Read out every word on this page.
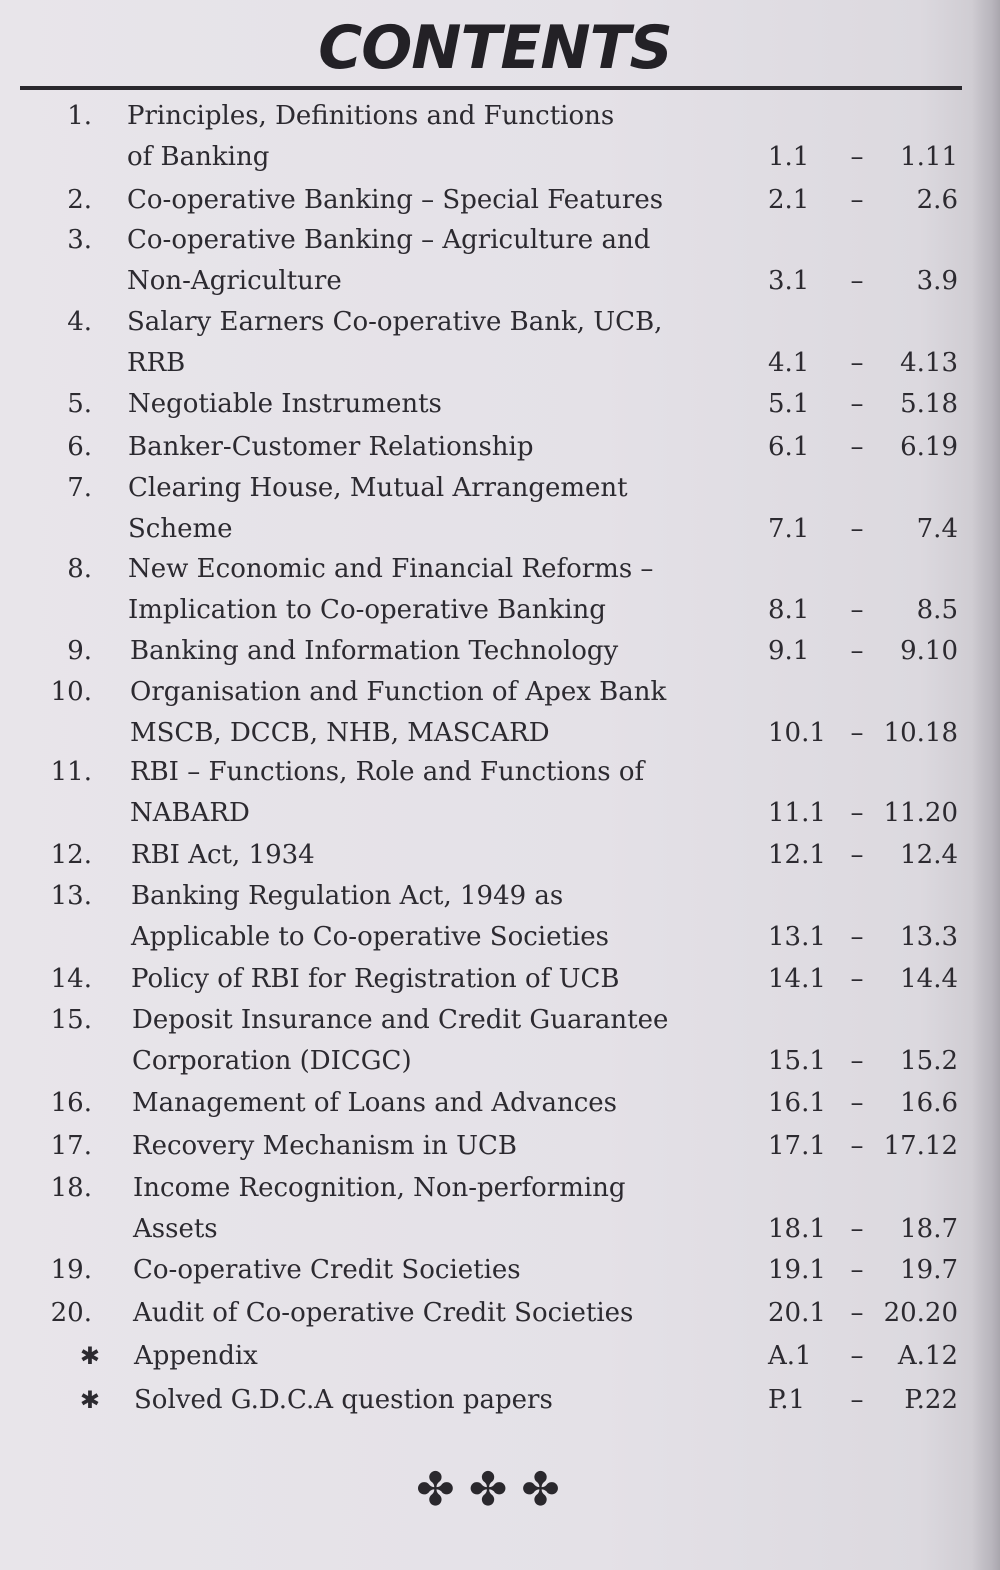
CONTENTS
1. Principles, Definitions and Functions
of Banking	1.1 – 1.11
2. Co-operative Banking – Special Features	2.1 – 2.6
3. Co-operative Banking – Agriculture and
Non-Agriculture	3.1 – 3.9
4. Salary Earners Co-operative Bank, UCB,
RRB	4.1 – 4.13
5. Negotiable Instruments	5.1 – 5.18
6. Banker-Customer Relationship	6.1 – 6.19
7. Clearing House, Mutual Arrangement
Scheme	7.1 – 7.4
8. New Economic and Financial Reforms –
Implication to Co-operative Banking	8.1 – 8.5
9. Banking and Information Technology	9.1 – 9.10
10. Organisation and Function of Apex Bank
MSCB, DCCB, NHB, MASCARD	10.1 – 10.18
11. RBI – Functions, Role and Functions of
NABARD	11.1 – 11.20
12. RBI Act, 1934	12.1 – 12.4
13. Banking Regulation Act, 1949 as
Applicable to Co-operative Societies	13.1 – 13.3
14. Policy of RBI for Registration of UCB	14.1 – 14.4
15. Deposit Insurance and Credit Guarantee
Corporation (DICGC)	15.1 – 15.2
16. Management of Loans and Advances	16.1 – 16.6
17. Recovery Mechanism in UCB	17.1 – 17.12
18. Income Recognition, Non-performing
Assets	18.1 – 18.7
19. Co-operative Credit Societies	19.1 – 19.7
20. Audit of Co-operative Credit Societies	20.1 – 20.20
✱ Appendix	A.1 – A.12
✱ Solved G.D.C.A question papers	P.1 – P.22
✤✤✤
